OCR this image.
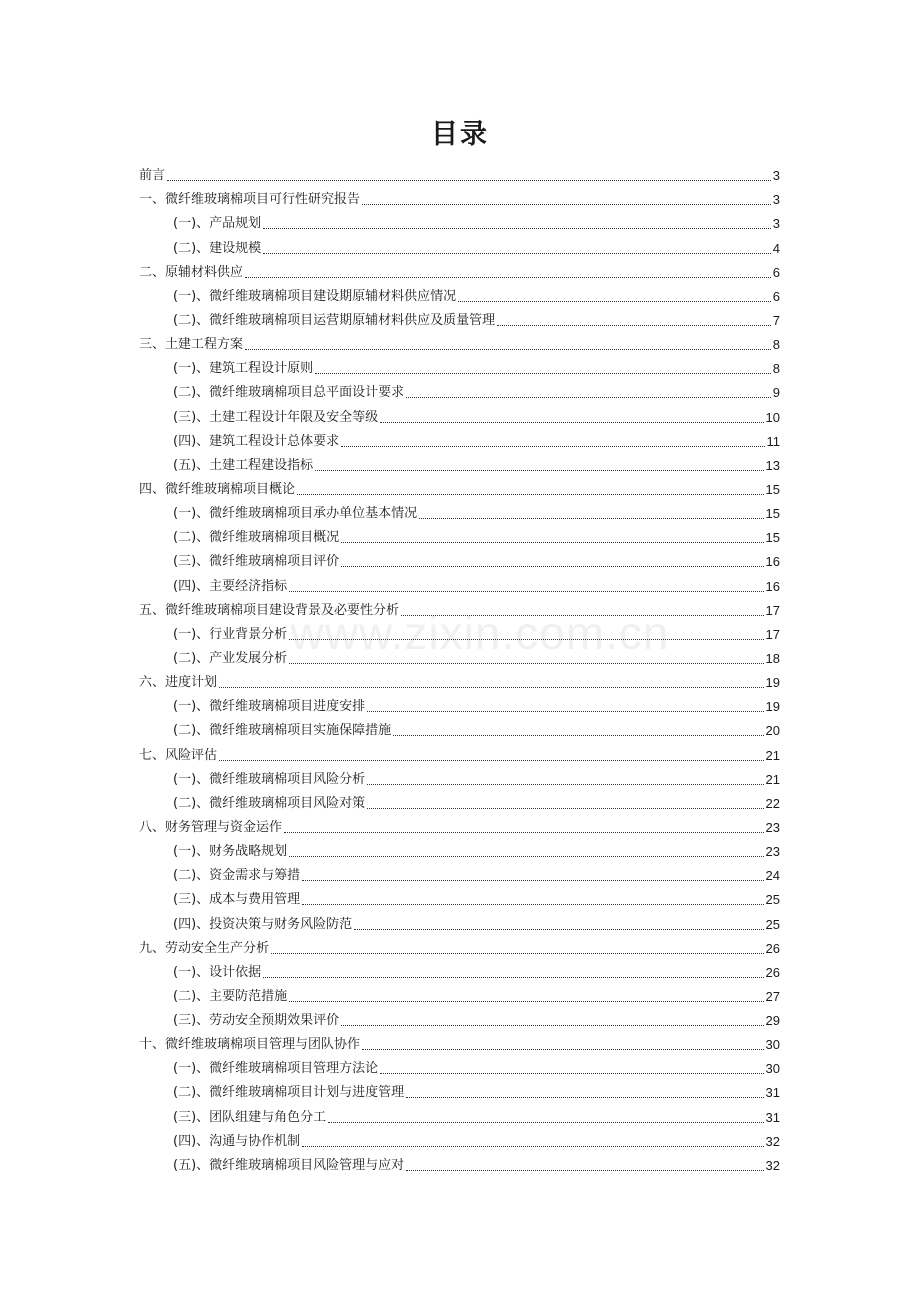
目录
www.zixin.com.cn
前言	3
一、微纤维玻璃棉项目可行性研究报告	3
(一)、产品规划	3
(二)、建设规模	4
二、原辅材料供应	6
(一)、微纤维玻璃棉项目建设期原辅材料供应情况	6
(二)、微纤维玻璃棉项目运营期原辅材料供应及质量管理	7
三、土建工程方案	8
(一)、建筑工程设计原则	8
(二)、微纤维玻璃棉项目总平面设计要求	9
(三)、土建工程设计年限及安全等级	10
(四)、建筑工程设计总体要求	11
(五)、土建工程建设指标	13
四、微纤维玻璃棉项目概论	15
(一)、微纤维玻璃棉项目承办单位基本情况	15
(二)、微纤维玻璃棉项目概况	15
(三)、微纤维玻璃棉项目评价	16
(四)、主要经济指标	16
五、微纤维玻璃棉项目建设背景及必要性分析	17
(一)、行业背景分析	17
(二)、产业发展分析	18
六、进度计划	19
(一)、微纤维玻璃棉项目进度安排	19
(二)、微纤维玻璃棉项目实施保障措施	20
七、风险评估	21
(一)、微纤维玻璃棉项目风险分析	21
(二)、微纤维玻璃棉项目风险对策	22
八、财务管理与资金运作	23
(一)、财务战略规划	23
(二)、资金需求与筹措	24
(三)、成本与费用管理	25
(四)、投资决策与财务风险防范	25
九、劳动安全生产分析	26
(一)、设计依据	26
(二)、主要防范措施	27
(三)、劳动安全预期效果评价	29
十、微纤维玻璃棉项目管理与团队协作	30
(一)、微纤维玻璃棉项目管理方法论	30
(二)、微纤维玻璃棉项目计划与进度管理	31
(三)、团队组建与角色分工	31
(四)、沟通与协作机制	32
(五)、微纤维玻璃棉项目风险管理与应对	32
